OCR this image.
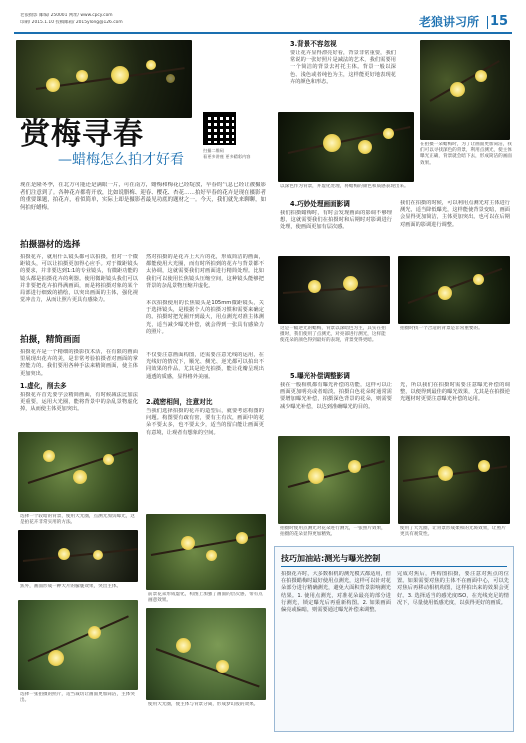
老狼摄影 邮编/ 250001 网址/ www.cpcy.com
印刷/ 2015.1.10 投稿邮箱/ 2015ylong@126.com	老狼讲习所 15
扫描二维码
看更多讲座 更多精彩内容
赏梅寻春
—蜡梅怎么拍才好看
现在是隆冬季，在北方可能还是满眼一片，可在南方，蜡梅和梅花已经绽放，早春的气息已经让被摄影者们注意到了。各种花卉都将开放，比如说腊梅、迎春、樱花、杏花……拍好早春的花卉是现在摄影者的重要课题，拍花卉，看似简单，实际上却是摄影者最见功底的题材之一。今天，我们就先来聊聊，如何拍好蜡梅。
拍摄器材的选择
拍摄花卉，就用什么镜头都可以拍摄，但对一个微距镜头，可以让拍摄更加得心应手。对于微距镜头的要求，并非要达到1:1的专业镜头，有微距功能的镜头都是拍摄花卉的利器。使用微距镜头我们可以并非要把花卉拍得满画面，而是将拍摄对象的某个局部进行细致的描绘，以突出画面的主体，强化视觉冲击力，从而让照片更具有感染力。
拍摄，精简画面
拍摄花卉是一个精细的摄影技术活，在有限的画面里展现出花卉的美，是非常考验拍摄者对画面的掌控能力的。我们要用各种手法来精简画面，使主体更加突出。
1.虚化，削去多
拍摄花卉首先要学会精简画面，有时候减法比加法更重要，运用大光圈，能将背景中的杂乱景物虚化掉，从而使主体更加突出。
选择一个较暗的背景，使用大光圈，点测光加负曝光，这是拍花卉非常实用的方法。
焦外，画面形成一种大片的朦胧效果，突出主体。
选择一张拍摄的照片，适当裁切让画面更加简洁，主体突出。
然对拍摄的是花卉上大片的花，形成简洁的画面，都能使用大光圈，而有时所拍到的花卉与背景都不太协调，这就需要我们对画面进行精简处理。比如我们可以使用长焦镜头压缩空间，这种镜头能够把背景的杂乱景物压缩并虚化。
本次拍摄使用的长焦镜头是105mm微距镜头，关于选择镜头，是根据个人的拍摄习惯和需要来确定的。拍摄时把光圈开到最大，用点测光对准主体测光，适当减少曝光补偿，就会得到一张具有感染力的照片。
不仅要注意画面构图，还需要注意光线的运用，在光线好的情况下，顺光、侧光、逆光都可以拍出不同效果的作品，尤其是逆光拍摄，能让花瓣呈现出通透的质感，显得格外美丽。
2.疏密相间，注意对比
当我们选择拍摄的花卉的造型后，就要考虑构图的问题。构图要有疏有密，要有主有次，画面中的花朵不要太多，也不要太少，适当的留白能让画面更有意境，让观者有想象的空间。
前景花朵形成虚化，构图上加强了画面的层次感，带有点画意效果。
使用大光圈，使主体与背景分离，形成梦幻般的效果。
3.背景不容忽视
要让花卉显得漂亮好看，背景非常重要，我们常说的一张好照片是减法的艺术，我们需要用一个简洁的背景去衬托主体。背景一般以深色、浅色或者纯色为主，这样能更好地表现花卉的颜色和形态。
以深色作为背景，并虚化处理，将蜡梅的颜色和质感表现出来。
在拍摄一朵蜡梅时，为了让画面更加简洁，我们可以寻找深色的背景，利用点测光，使主体曝光正确，背景就会暗下去，形成简洁的画面效果。
4.巧妙处理画面影调
我们拍摄蜡梅时，有时会发现画面的影调不够理想，这就需要我们在拍摄时和后期时对影调进行处理，使画面更加有层次感。
我们在拍摄的时候，可以利用点测光对主体进行测光，适当降低曝光，这样能使背景变暗，画面会显得更加简洁，主体更加突出。也可以在后期对画面的影调进行调整。
这是一幅逆光的蜡梅，背景以深暗色为主，其实在拍摄时，我们使用了点测光，对亮部进行测光，这样能使花朵的颜色得到最好的表现，背景变得更暗。
拍摄时找一个合适的背景是非常重要的。
5.曝光补偿调整影调
我在一般相机都有曝光补偿的功能，这样可以让画面更加明亮或者暗淡。拍摄白色花朵时通常需要增加曝光补偿，拍摄深色背景的花朵，则需要减少曝光补偿，以达到准确曝光的目的。
光，所以我们在拍摄时需要注意曝光补偿的调整，以便得到最佳的曝光效果，尤其是在拍摄逆光题材时更要注意曝光补偿的运用。
拍摄时使用点测光对花朵进行测光，一张照片效果，拍摄的花朵显得更加精致。
使用了大光圈，让背景形成柔和的光斑效果，让照片更具有观赏性。
技巧加油站:测光与曝光控制
拍摄花卉时，大多数相机的测光模式都适用，但在拍摄蜡梅时最好使用点测光，这样可以针对花朵部分进行精确测光，避免大面积背景影响测光结果。1. 使用点测光，对准花朵最亮的部分进行测光，锁定曝光后再重新构图。2. 如果画面偏亮或偏暗，则需要通过曝光补偿来调整。
完成对焦后，再构图拍摄，要注意对焦点的位置。如果需要对焦的主体不在画面中心，可以先对焦后再移动相机构图，这样拍出来的效果会更好。3. 选择适当的感光度ISO，在光线充足的情况下，尽量使用低感光度，以获得更好的画质。
